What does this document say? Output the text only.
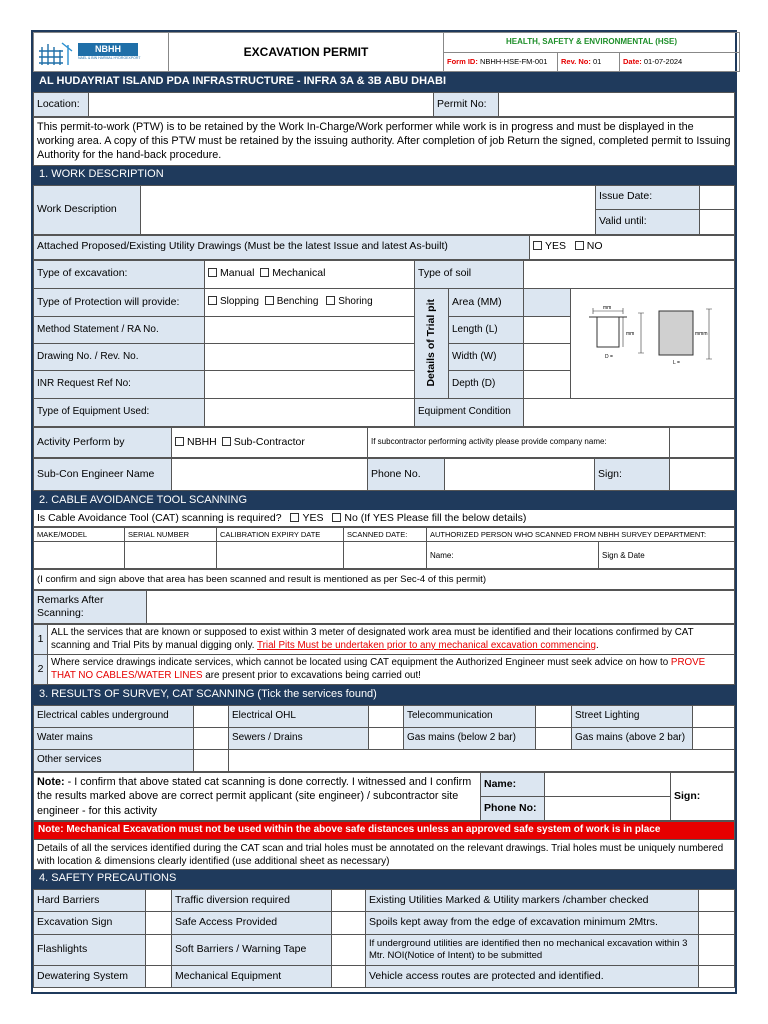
NBHH
NAEL & BIN HARMAL HYDROEXPORT	EXCAVATION PERMIT	HEALTH, SAFETY & ENVIRONMENTAL (HSE)			
		Form ID: NBHH-HSE-FM-001	Rev. No: 01	Date: 01-07-2024	
AL HUDAYRIAT ISLAND PDA INFRASTRUCTURE - INFRA 3A & 3B ABU DHABI
Location:		Permit No:	
This permit-to-work (PTW) is to be retained by the Work In-Charge/Work performer while work is in progress and must be displayed in the working area. A copy of this PTW must be retained by the issuing authority. After completion of job Return the signed, completed permit to Issuing Authority for the hand-back procedure.
1. WORK DESCRIPTION
Work Description		Issue Date:	
		Valid until:	
Attached Proposed/Existing Utility Drawings (Must be the latest Issue and latest As-built)	YES NO
Type of excavation:	Manual Mechanical	Type of soil			
Type of Protection will provide:	Slopping Benching Shoring	Details of Trial pit	Area (MM)		mm
mm mmm
D =
L =

Method Statement / RA No.			Length (L)		
Drawing No. / Rev. No.			Width (W)		
INR Request Ref No:			Depth (D)		
Type of Equipment Used:		Equipment Condition			
Activity Perform by	NBHH Sub-Contractor	If subcontractor performing activity please provide company name:	
Sub-Con Engineer Name		Phone No.		Sign:	
2. CABLE AVOIDANCE TOOL SCANNING
Is Cable Avoidance Tool (CAT) scanning is required? YES No (If YES Please fill the below details)
MAKE/MODEL	SERIAL NUMBER	CALIBRATION EXPIRY DATE	SCANNED DATE:	AUTHORIZED PERSON WHO SCANNED FROM NBHH SURVEY DEPARTMENT:	
				Name:	Sign & Date
(I confirm and sign above that area has been scanned and result is mentioned as per Sec-4 of this permit)
Remarks After Scanning:	
1	ALL the services that are known or supposed to exist within 3 meter of designated work area must be identified and their locations confirmed by CAT scanning and Trial Pits by manual digging only. Trial Pits Must be undertaken prior to any mechanical excavation commencing.
2	Where service drawings indicate services, which cannot be located using CAT equipment the Authorized Engineer must seek advice on how to PROVE THAT NO CABLES/WATER LINES are present prior to excavations being carried out!
3. RESULTS OF SURVEY, CAT SCANNING (Tick the services found)
Electrical cables underground		Electrical OHL		Telecommunication		Street Lighting	
Water mains		Sewers / Drains		Gas mains (below 2 bar)		Gas mains (above 2 bar)	
Other services							
Note: - I confirm that above stated cat scanning is done correctly. I witnessed and I confirm the results marked above are correct permit applicant (site engineer) / subcontractor site engineer - for this activity	Name:		Sign:
	Phone No:		
Note: Mechanical Excavation must not be used within the above safe distances unless an approved safe system of work is in place
Details of all the services identified during the CAT scan and trial holes must be annotated on the relevant drawings. Trial holes must be uniquely numbered with location & dimensions clearly identified (use additional sheet as necessary)
4. SAFETY PRECAUTIONS
Hard Barriers		Traffic diversion required		Existing Utilities Marked & Utility markers /chamber checked	
Excavation Sign		Safe Access Provided		Spoils kept away from the edge of excavation minimum 2Mtrs.	
Flashlights		Soft Barriers / Warning Tape		If underground utilities are identified then no mechanical excavation within 3 Mtr. NOI(Notice of Intent) to be submitted	
Dewatering System		Mechanical Equipment		Vehicle access routes are protected and identified.	
